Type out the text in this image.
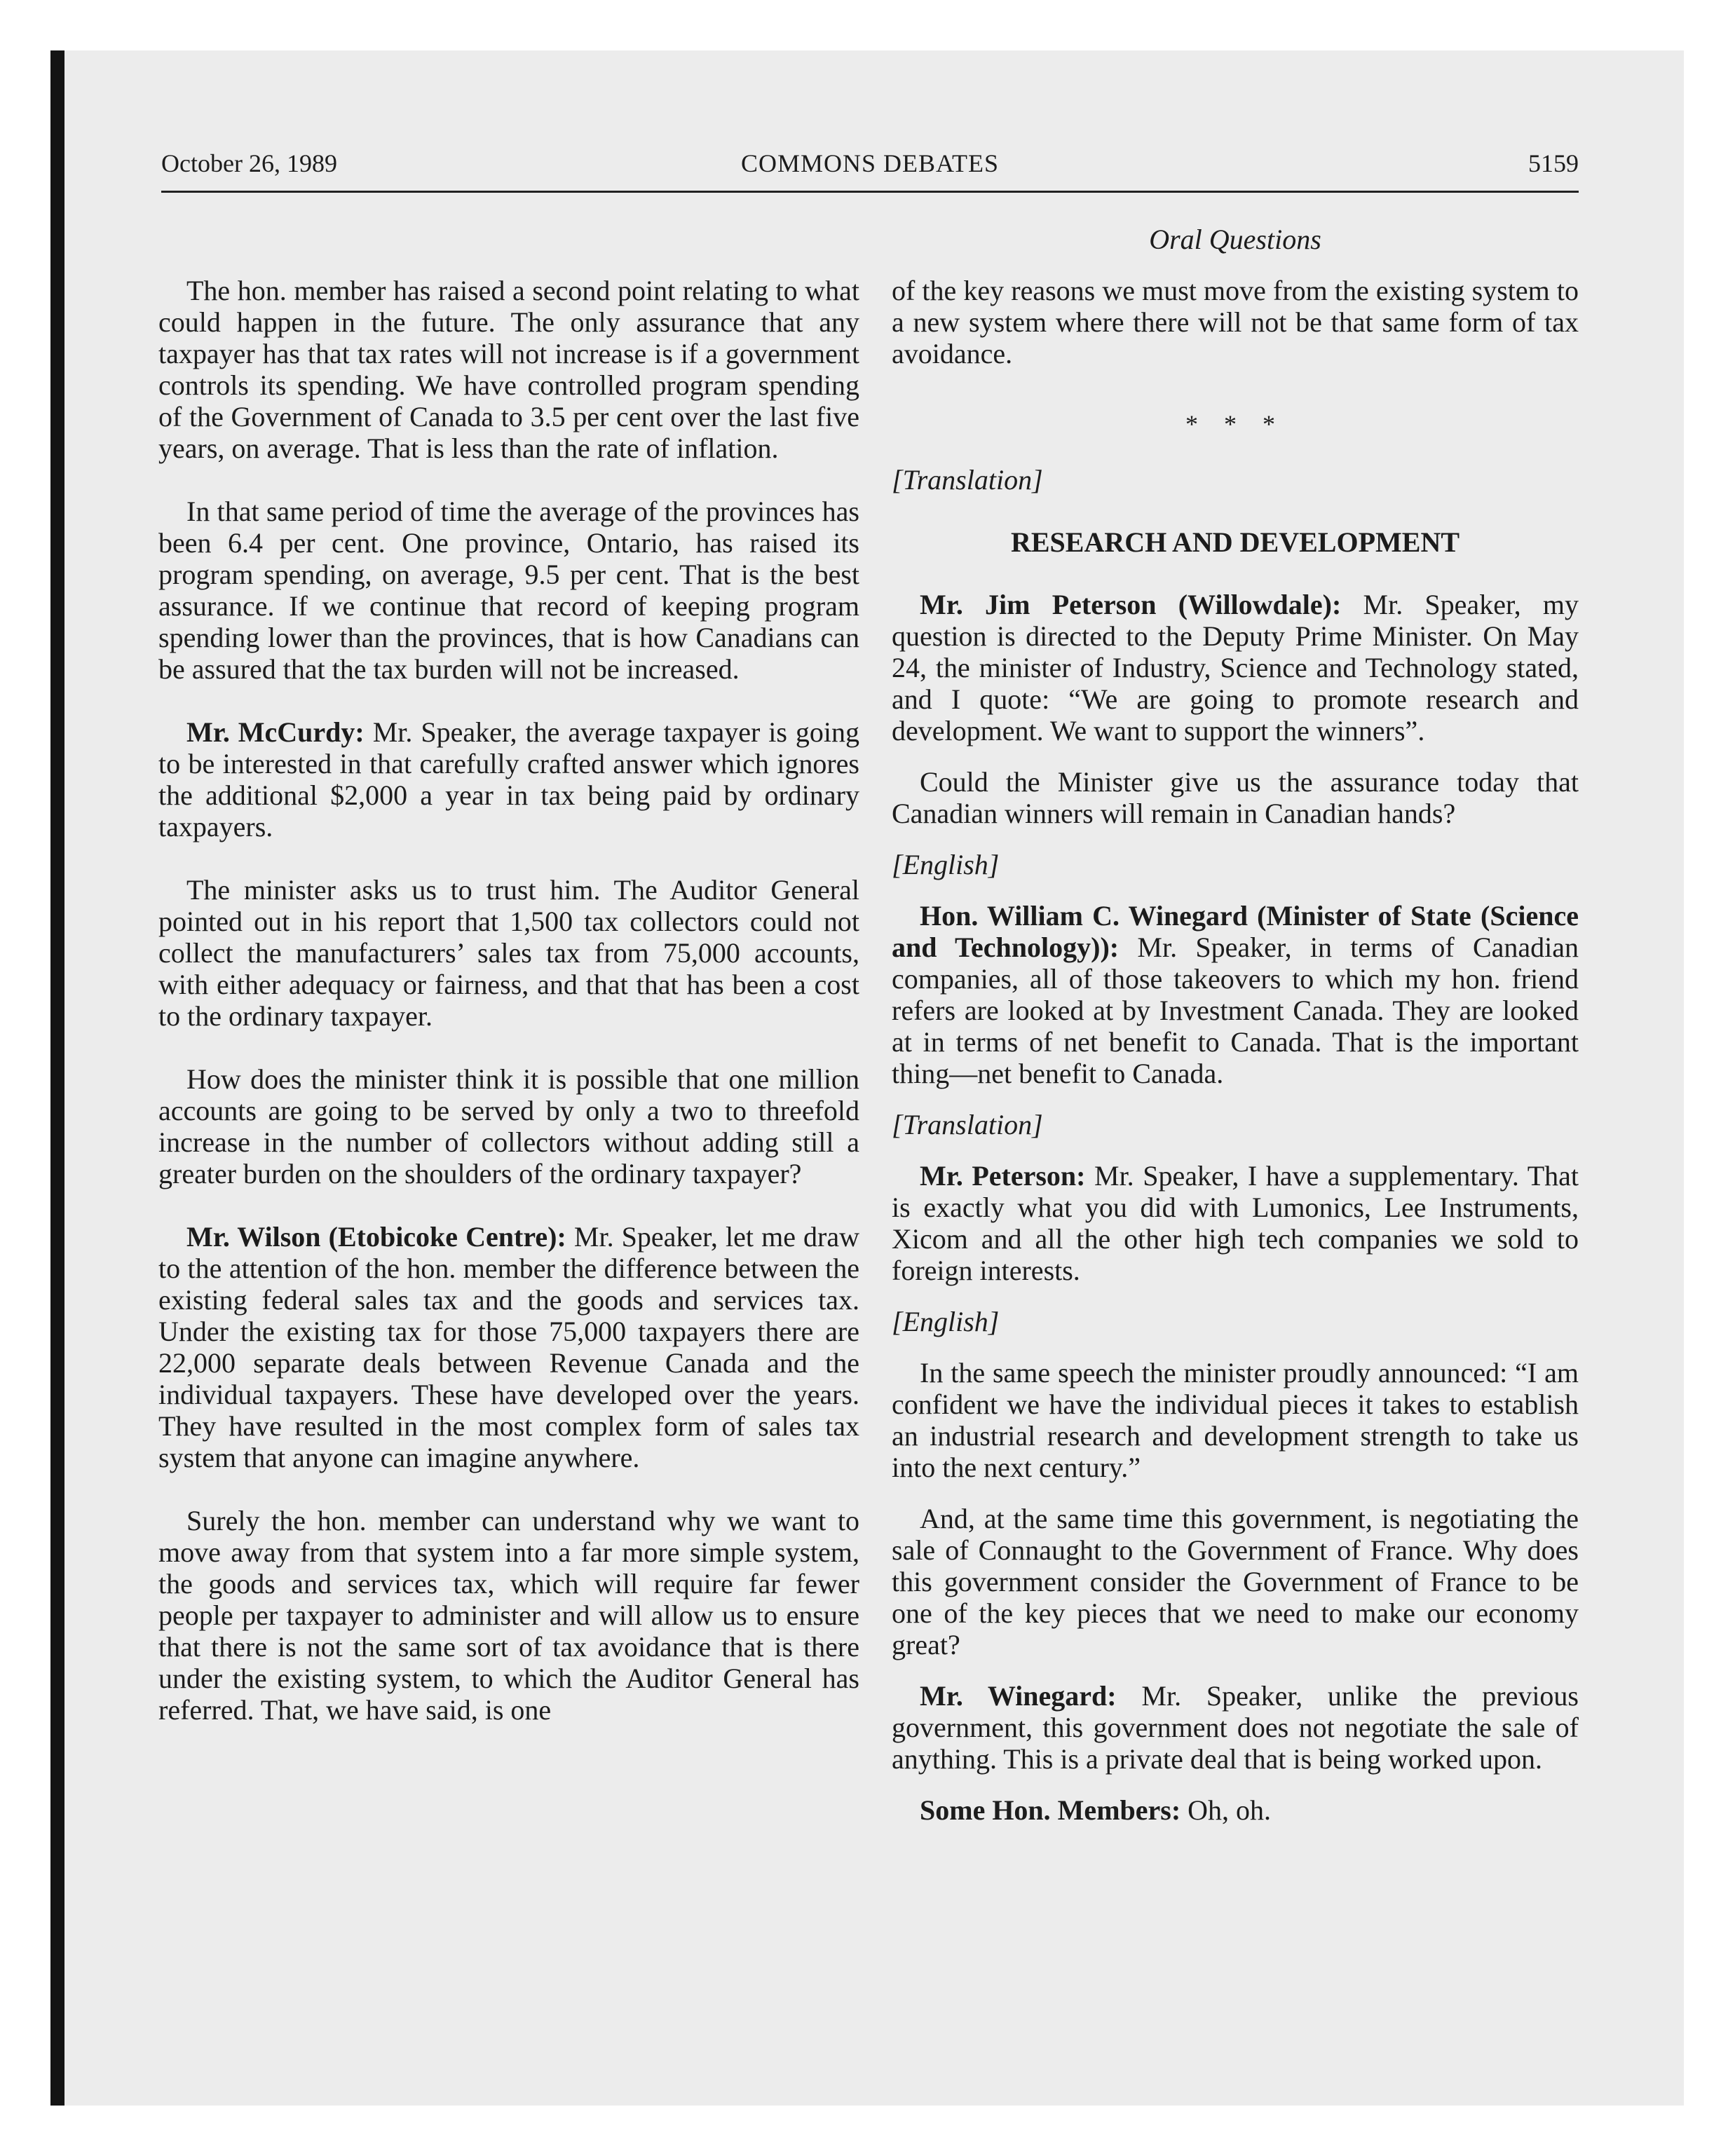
October 26, 1989	COMMONS DEBATES	5159
Oral Questions

The hon. member has raised a second point relating to what could happen in the future. The only assurance that any taxpayer has that tax rates will not increase is if a government controls its spending. We have controlled program spending of the Government of Canada to 3.5 per cent over the last five years, on average. That is less than the rate of inflation.

In that same period of time the average of the provinces has been 6.4 per cent. One province, Ontario, has raised its program spending, on average, 9.5 per cent. That is the best assurance. If we continue that record of keeping program spending lower than the provinces, that is how Canadians can be assured that the tax burden will not be increased.

Mr. McCurdy: Mr. Speaker, the average taxpayer is going to be interested in that carefully crafted answer which ignores the additional $2,000 a year in tax being paid by ordinary taxpayers.

The minister asks us to trust him. The Auditor General pointed out in his report that 1,500 tax collectors could not collect the manufacturers’ sales tax from 75,000 accounts, with either adequacy or fairness, and that that has been a cost to the ordinary taxpayer.

How does the minister think it is possible that one million accounts are going to be served by only a two to threefold increase in the number of collectors without adding still a greater burden on the shoulders of the ordinary taxpayer?

Mr. Wilson (Etobicoke Centre): Mr. Speaker, let me draw to the attention of the hon. member the difference between the existing federal sales tax and the goods and services tax. Under the existing tax for those 75,000 taxpayers there are 22,000 separate deals between Revenue Canada and the individual taxpayers. These have developed over the years. They have resulted in the most complex form of sales tax system that anyone can imagine anywhere.

Surely the hon. member can understand why we want to move away from that system into a far more simple system, the goods and services tax, which will require far fewer people per taxpayer to administer and will allow us to ensure that there is not the same sort of tax avoidance that is there under the existing system, to which the Auditor General has referred. That, we have said, is one

of the key reasons we must move from the existing system to a new system where there will not be that same form of tax avoidance.

* * *
[Translation]
RESEARCH AND DEVELOPMENT

Mr. Jim Peterson (Willowdale): Mr. Speaker, my question is directed to the Deputy Prime Minister. On May 24, the minister of Industry, Science and Technology stated, and I quote: “We are going to promote research and development. We want to support the winners”.

Could the Minister give us the assurance today that Canadian winners will remain in Canadian hands?

[English]

Hon. William C. Winegard (Minister of State (Science and Technology)): Mr. Speaker, in terms of Canadian companies, all of those takeovers to which my hon. friend refers are looked at by Investment Canada. They are looked at in terms of net benefit to Canada. That is the important thing—net benefit to Canada.

[Translation]

Mr. Peterson: Mr. Speaker, I have a supplementary. That is exactly what you did with Lumonics, Lee Instruments, Xicom and all the other high tech companies we sold to foreign interests.

[English]

In the same speech the minister proudly announced: “I am confident we have the individual pieces it takes to establish an industrial research and development strength to take us into the next century.”

And, at the same time this government, is negotiating the sale of Connaught to the Government of France. Why does this government consider the Government of France to be one of the key pieces that we need to make our economy great?

Mr. Winegard: Mr. Speaker, unlike the previous government, this government does not negotiate the sale of anything. This is a private deal that is being worked upon.

Some Hon. Members: Oh, oh.
